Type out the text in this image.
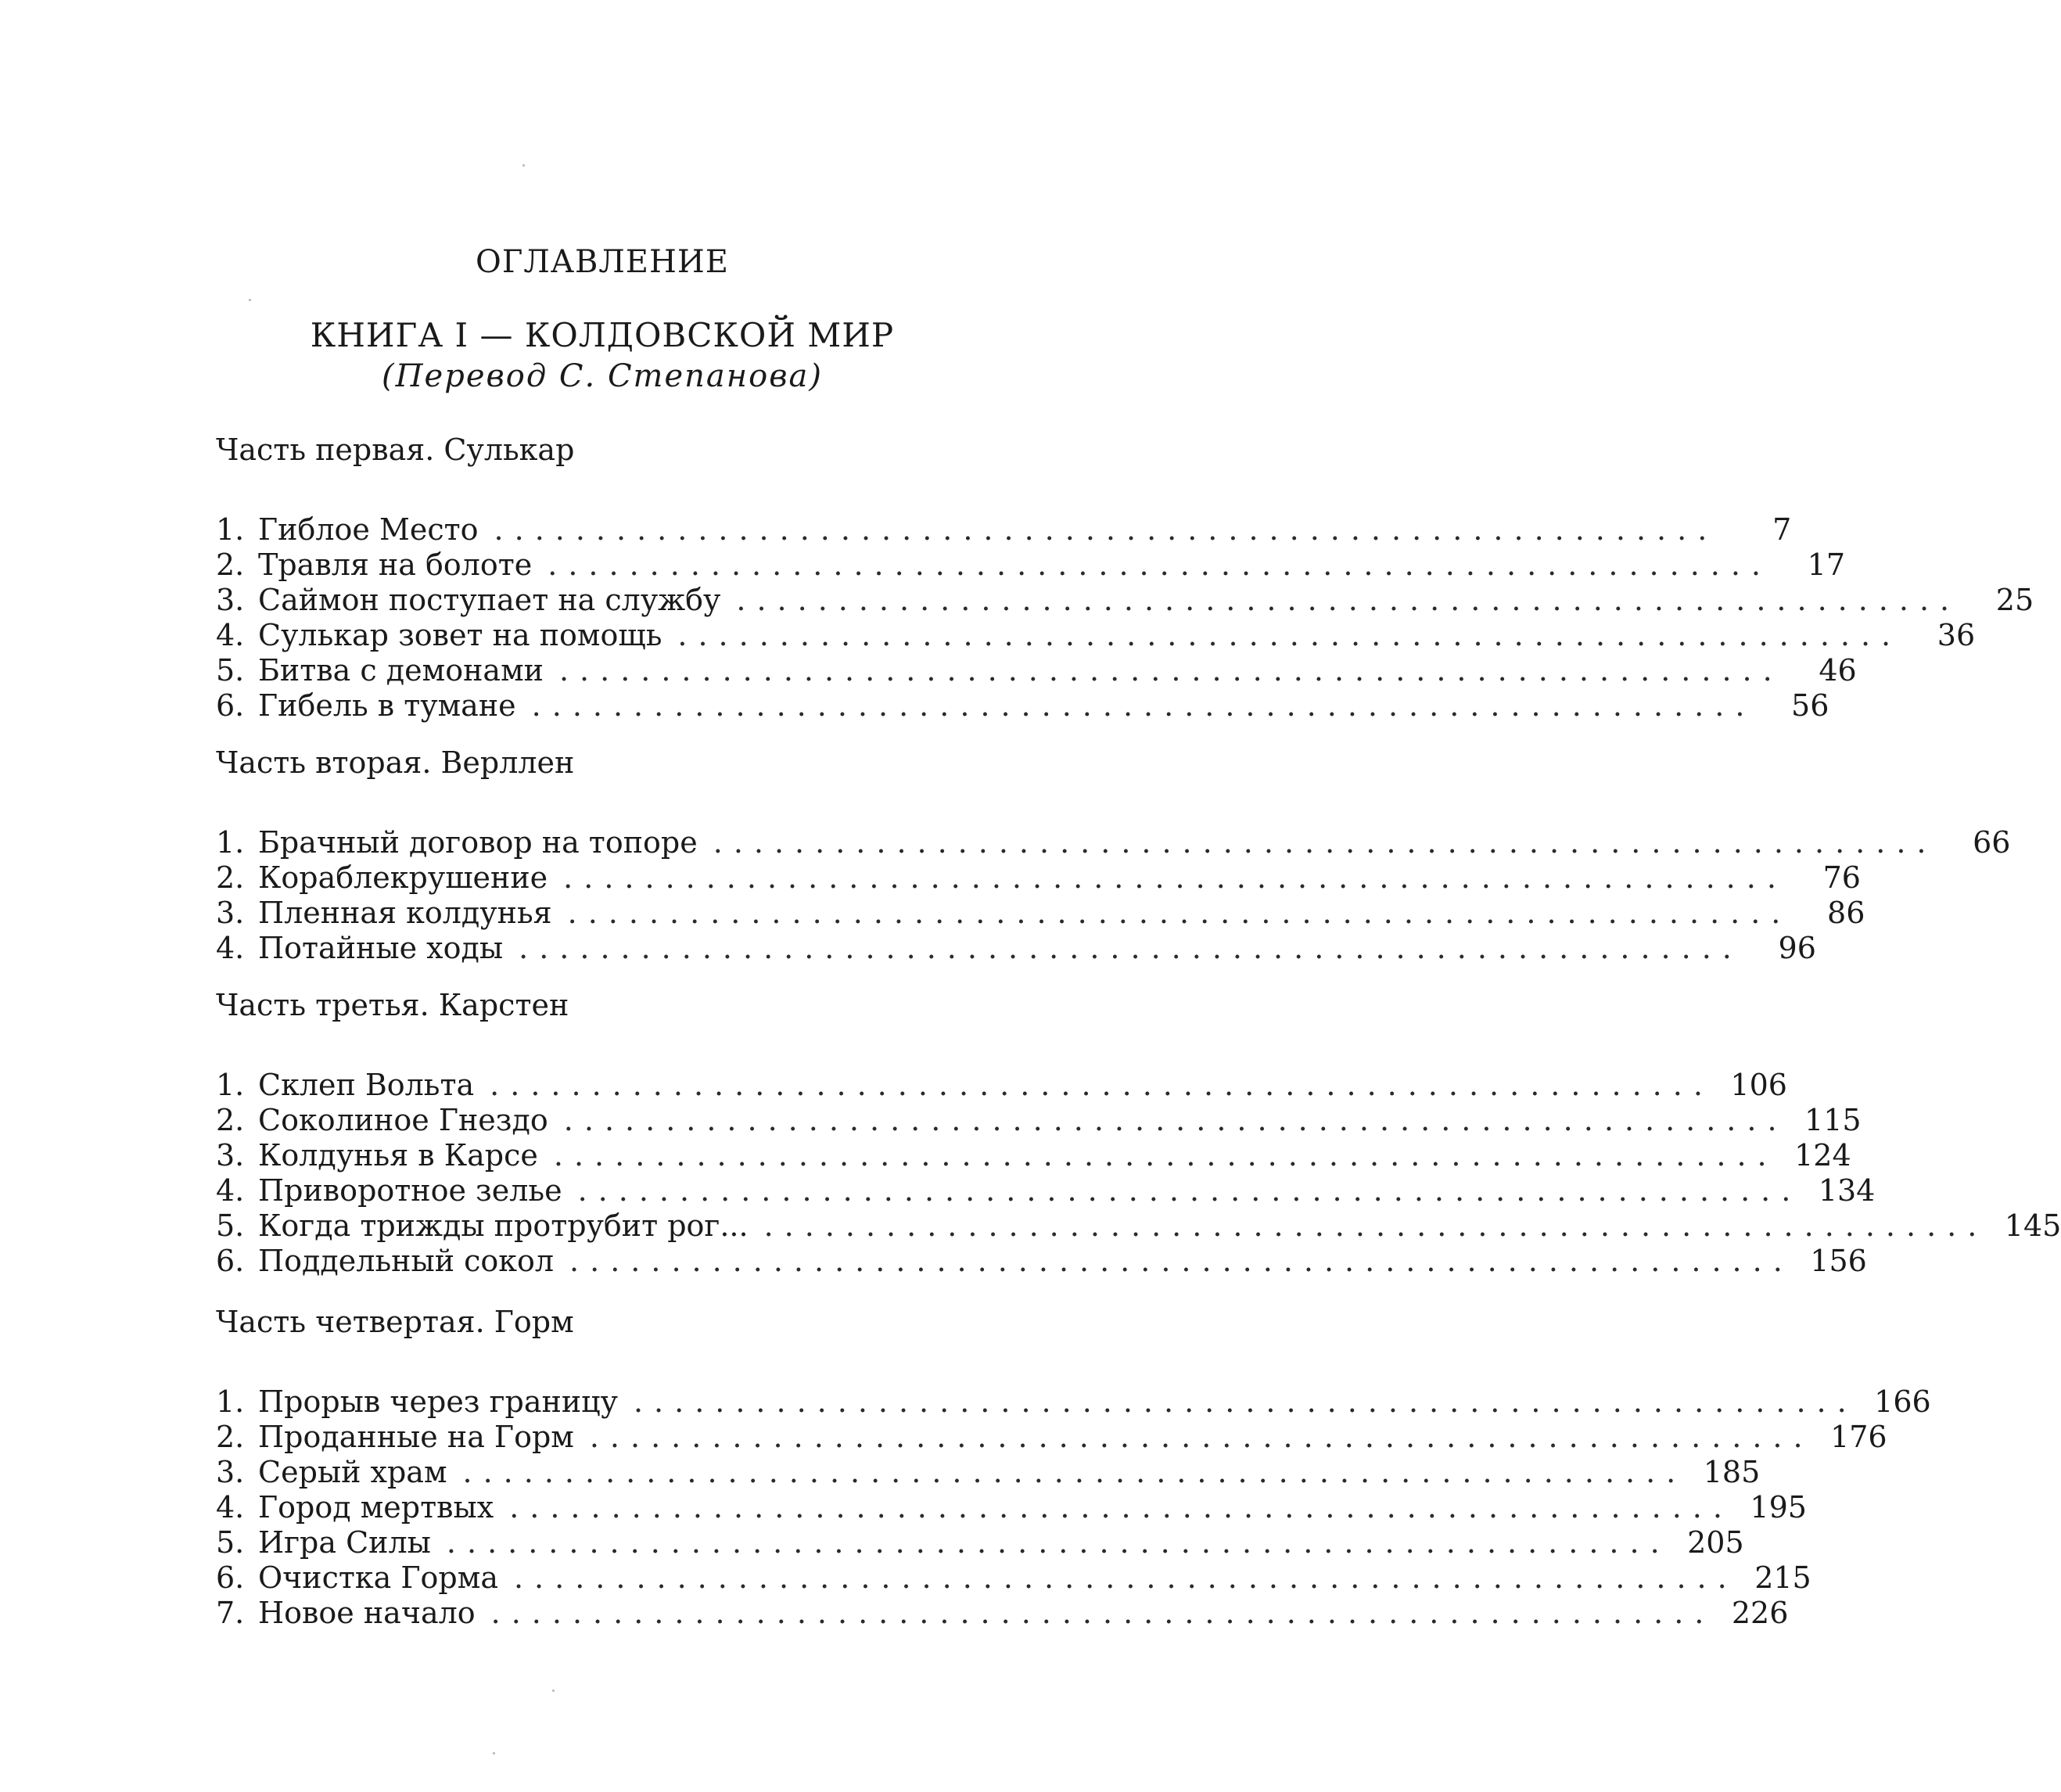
ОГЛАВЛЕНИЕ
КНИГА I — КОЛДОВСКОЙ МИР

(Перевод С. Степанова)

Часть первая. Сулькар
1. Гиблое Место ............................................................	7
2. Травля на болоте ............................................................	17
3. Саймон поступает на службу ............................................................	25
4. Сулькар зовет на помощь ............................................................	36
5. Битва с демонами ............................................................	46
6. Гибель в тумане ............................................................	56
Часть вторая. Верллен
1. Брачный договор на топоре ............................................................	66
2. Кораблекрушение ............................................................	76
3. Пленная колдунья ............................................................	86
4. Потайные ходы ............................................................	96
Часть третья. Карстен
1. Склеп Вольта ............................................................ 106
2. Соколиное Гнездо ............................................................ 115
3. Колдунья в Карсе ............................................................ 124
4. Приворотное зелье ............................................................ 134
5. Когда трижды протрубит рог... ............................................................ 145
6. Поддельный сокол ............................................................ 156
Часть четвертая. Горм
1. Прорыв через границу ............................................................ 166
2. Проданные на Горм ............................................................ 176
3. Серый храм ............................................................ 185
4. Город мертвых ............................................................ 195
5. Игра Силы ............................................................ 205
6. Очистка Горма ............................................................ 215
7. Новое начало ............................................................ 226
